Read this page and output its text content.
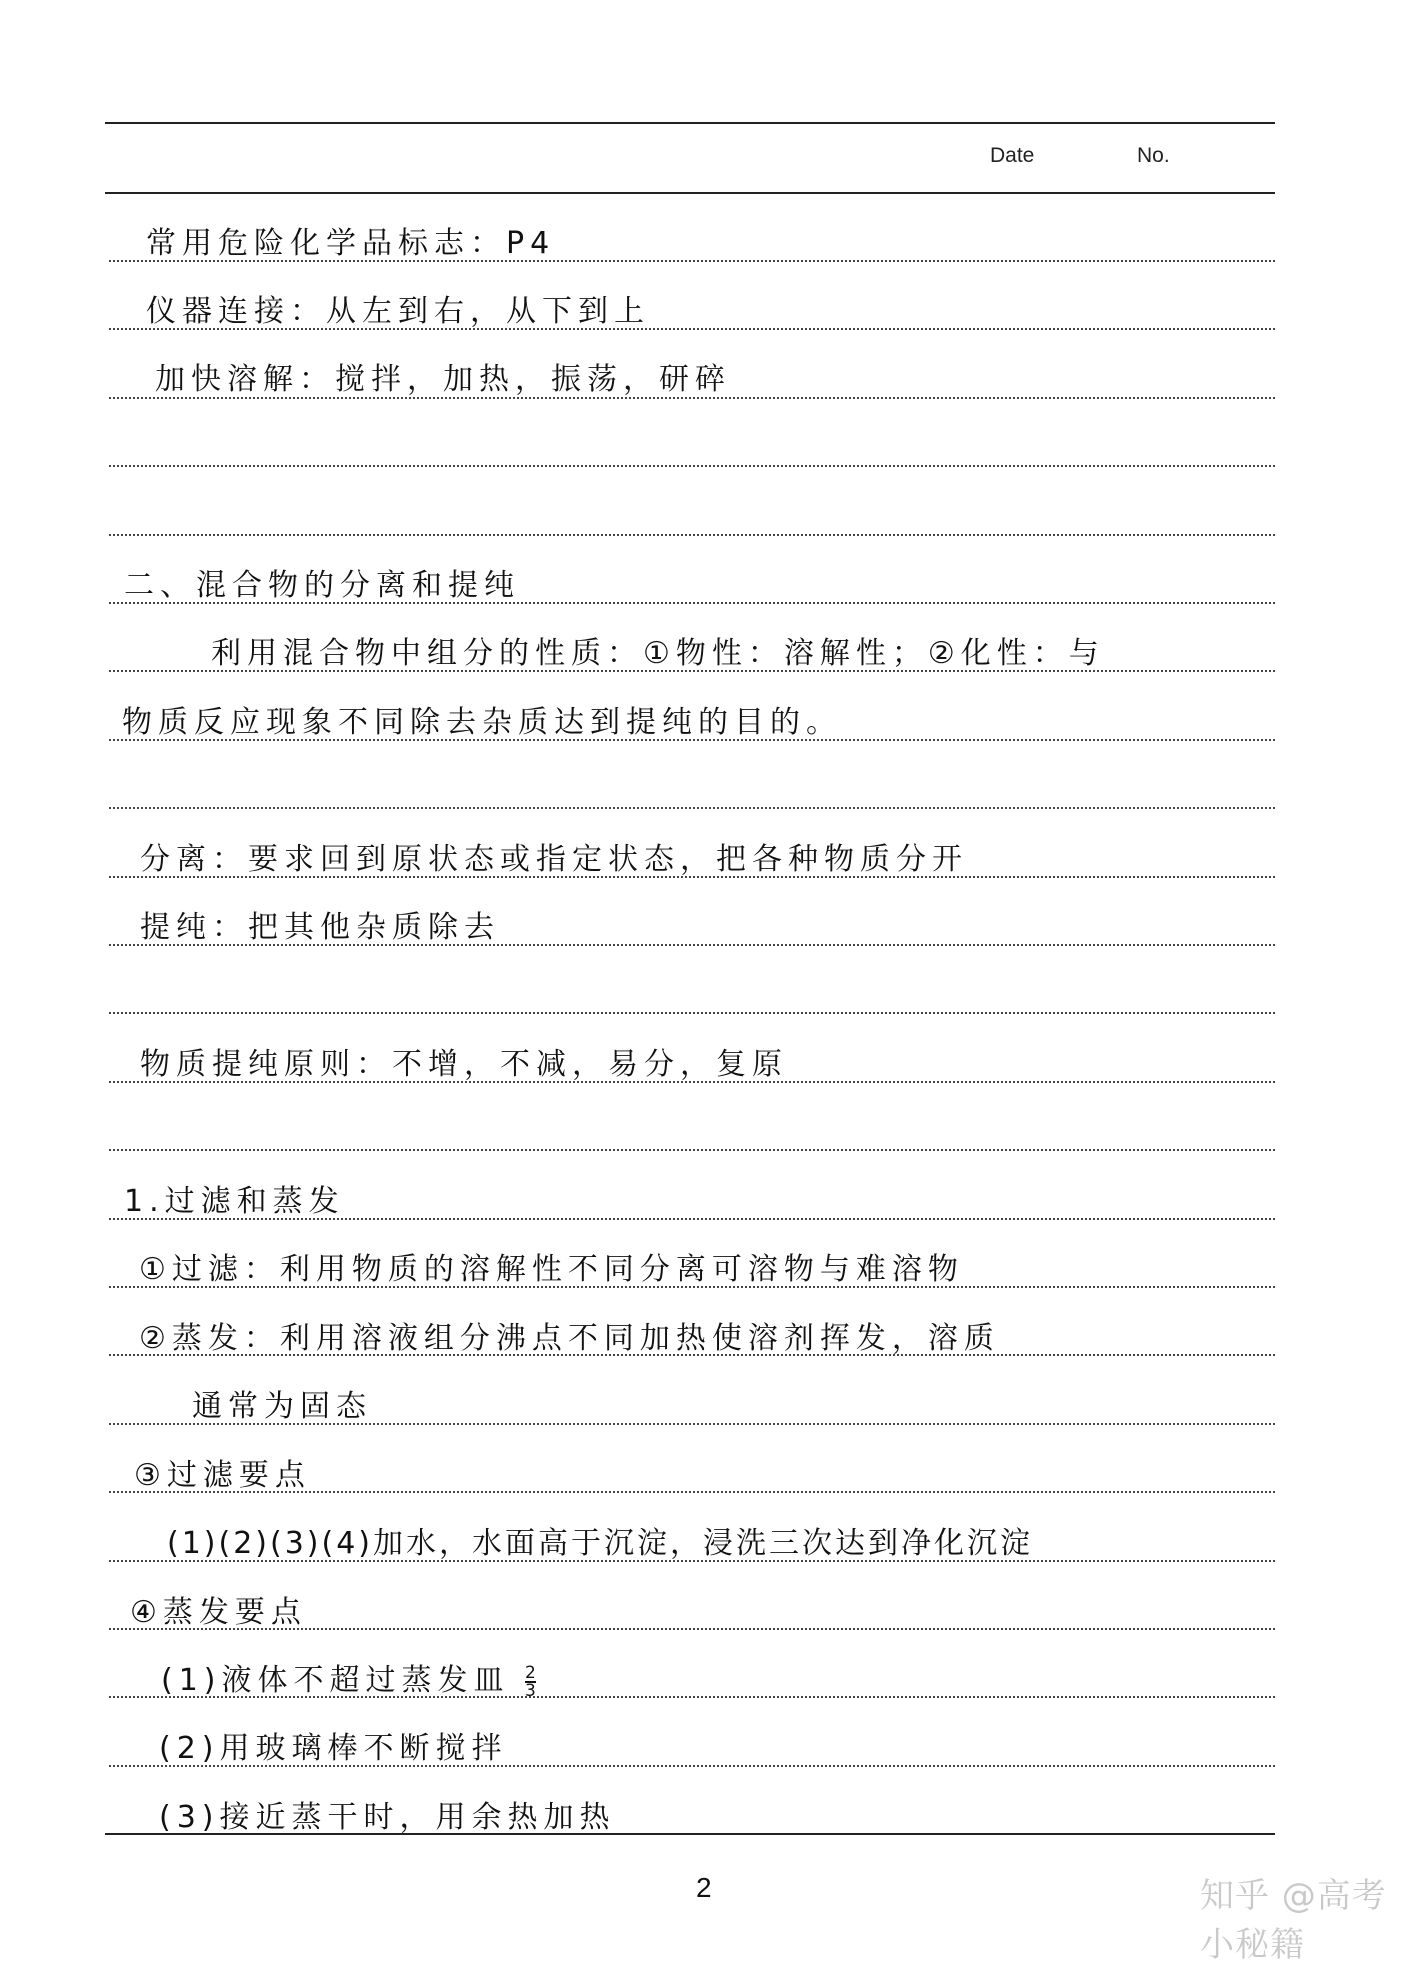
Date	No.
常用危险化学品标志：P4
仪器连接：从左到右，从下到上
加快溶解：搅拌，加热，振荡，研碎
二、混合物的分离和提纯
利用混合物中组分的性质：①物性：溶解性；②化性：与
物质反应现象不同除去杂质达到提纯的目的。
分离：要求回到原状态或指定状态，把各种物质分开
提纯：把其他杂质除去
物质提纯原则：不增，不减，易分，复原
1.过滤和蒸发
①过滤：利用物质的溶解性不同分离可溶物与难溶物
②蒸发：利用溶液组分沸点不同加热使溶剂挥发，溶质
通常为固态
③过滤要点
(1)(2)(3)(4)加水，水面高于沉淀，浸洗三次达到净化沉淀
④蒸发要点
(1)液体不超过蒸发皿 $\frac{2}{3}$
(2)用玻璃棒不断搅拌
(3)接近蒸干时，用余热加热
2	知乎 @高考小秘籍
